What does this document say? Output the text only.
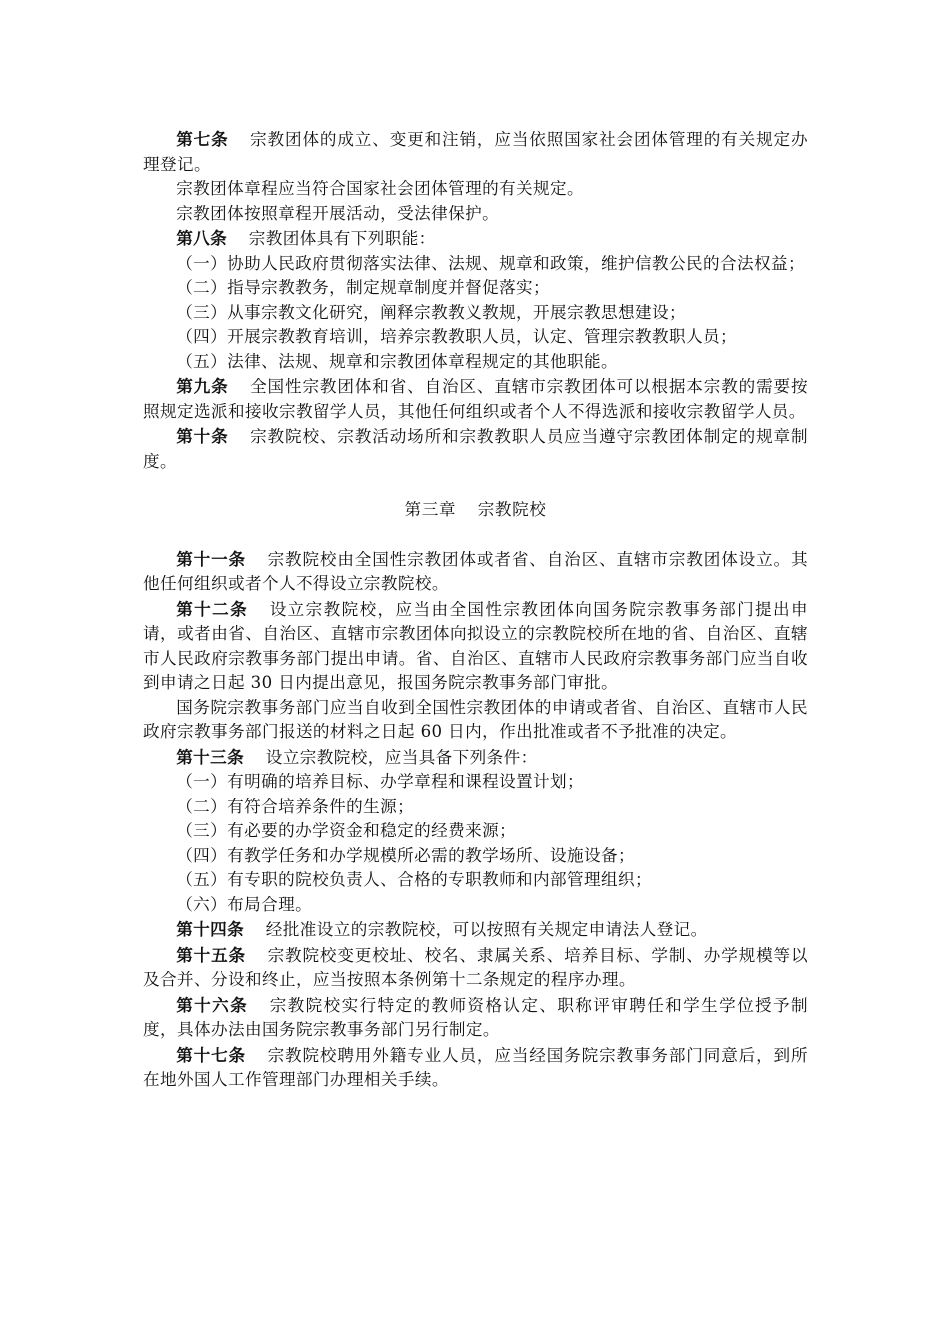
第七条 宗教团体的成立、变更和注销，应当依照国家社会团体管理的有关规定办理登记。

宗教团体章程应当符合国家社会团体管理的有关规定。

宗教团体按照章程开展活动，受法律保护。

第八条 宗教团体具有下列职能：

（一）协助人民政府贯彻落实法律、法规、规章和政策，维护信教公民的合法权益；

（二）指导宗教教务，制定规章制度并督促落实；

（三）从事宗教文化研究，阐释宗教教义教规，开展宗教思想建设；

（四）开展宗教教育培训，培养宗教教职人员，认定、管理宗教教职人员；

（五）法律、法规、规章和宗教团体章程规定的其他职能。

第九条 全国性宗教团体和省、自治区、直辖市宗教团体可以根据本宗教的需要按照规定选派和接收宗教留学人员，其他任何组织或者个人不得选派和接收宗教留学人员。

第十条 宗教院校、宗教活动场所和宗教教职人员应当遵守宗教团体制定的规章制度。

第三章 宗教院校

第十一条 宗教院校由全国性宗教团体或者省、自治区、直辖市宗教团体设立。其他任何组织或者个人不得设立宗教院校。

第十二条 设立宗教院校，应当由全国性宗教团体向国务院宗教事务部门提出申请，或者由省、自治区、直辖市宗教团体向拟设立的宗教院校所在地的省、自治区、直辖市人民政府宗教事务部门提出申请。省、自治区、直辖市人民政府宗教事务部门应当自收到申请之日起 30 日内提出意见，报国务院宗教事务部门审批。

国务院宗教事务部门应当自收到全国性宗教团体的申请或者省、自治区、直辖市人民政府宗教事务部门报送的材料之日起 60 日内，作出批准或者不予批准的决定。

第十三条 设立宗教院校，应当具备下列条件：

（一）有明确的培养目标、办学章程和课程设置计划；

（二）有符合培养条件的生源；

（三）有必要的办学资金和稳定的经费来源；

（四）有教学任务和办学规模所必需的教学场所、设施设备；

（五）有专职的院校负责人、合格的专职教师和内部管理组织；

（六）布局合理。

第十四条 经批准设立的宗教院校，可以按照有关规定申请法人登记。

第十五条 宗教院校变更校址、校名、隶属关系、培养目标、学制、办学规模等以及合并、分设和终止，应当按照本条例第十二条规定的程序办理。

第十六条 宗教院校实行特定的教师资格认定、职称评审聘任和学生学位授予制度，具体办法由国务院宗教事务部门另行制定。

第十七条 宗教院校聘用外籍专业人员，应当经国务院宗教事务部门同意后，到所在地外国人工作管理部门办理相关手续。
